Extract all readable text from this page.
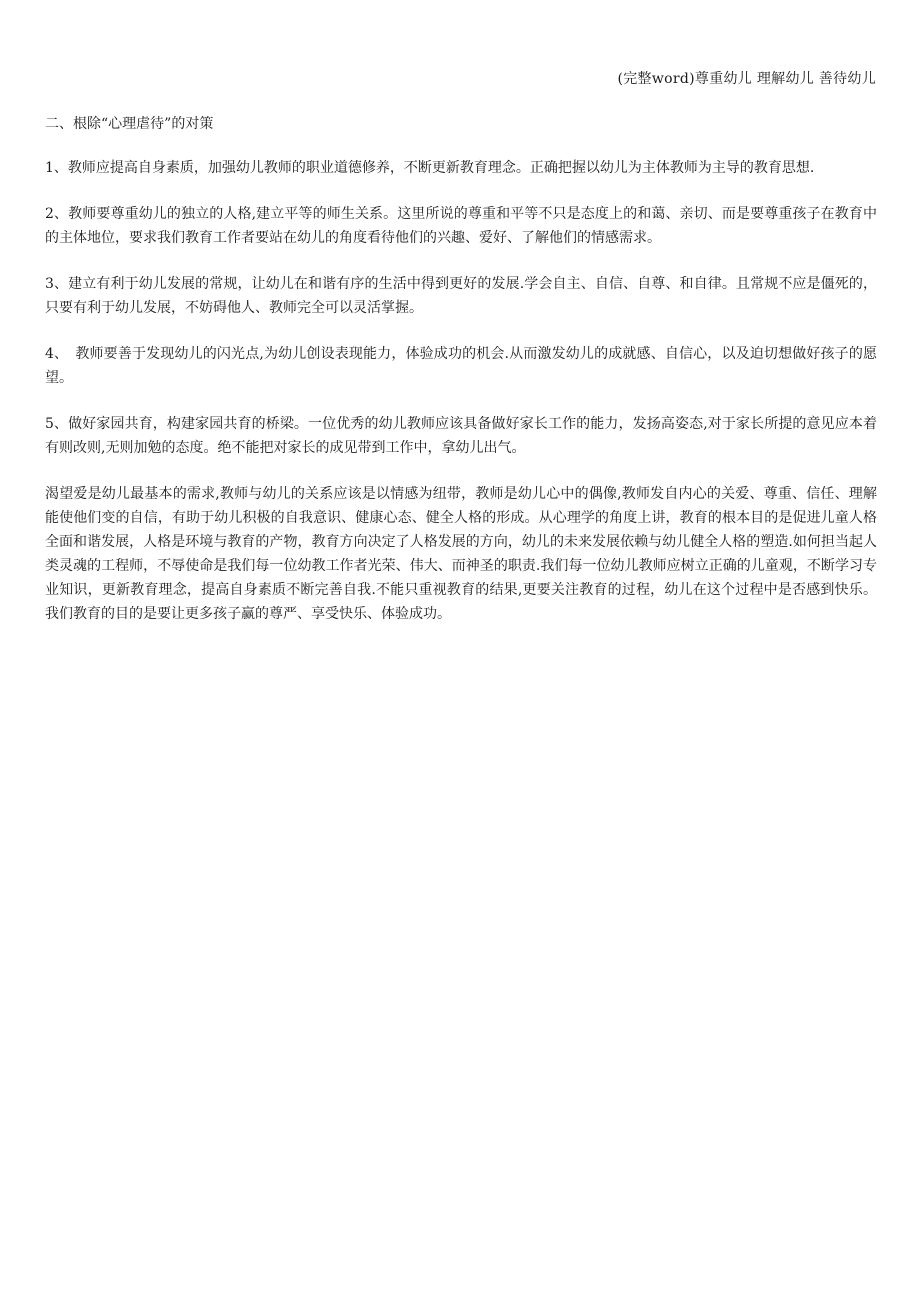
(完整word)尊重幼儿 理解幼儿 善待幼儿

二、根除“心理虐待”的对策

1、教师应提高自身素质，加强幼儿教师的职业道德修养，不断更新教育理念。正确把握以幼儿为主体教师为主导的教育思想.

2、教师要尊重幼儿的独立的人格,建立平等的师生关系。这里所说的尊重和平等不只是态度上的和蔼、亲切、而是要尊重孩子在教育中的主体地位，要求我们教育工作者要站在幼儿的角度看待他们的兴趣、爱好、了解他们的情感需求。

3、建立有利于幼儿发展的常规，让幼儿在和谐有序的生活中得到更好的发展.学会自主、自信、自尊、和自律。且常规不应是僵死的，只要有利于幼儿发展，不妨碍他人、教师完全可以灵活掌握。

4、　教师要善于发现幼儿的闪光点,为幼儿创设表现能力，体验成功的机会.从而激发幼儿的成就感、自信心，以及迫切想做好孩子的愿望。

5、做好家园共育，构建家园共育的桥梁。一位优秀的幼儿教师应该具备做好家长工作的能力，发扬高姿态,对于家长所提的意见应本着有则改则,无则加勉的态度。绝不能把对家长的成见带到工作中，拿幼儿出气。

渴望爱是幼儿最基本的需求,教师与幼儿的关系应该是以情感为纽带，教师是幼儿心中的偶像,教师发自内心的关爱、尊重、信任、理解能使他们变的自信，有助于幼儿积极的自我意识、健康心态、健全人格的形成。从心理学的角度上讲，教育的根本目的是促进儿童人格全面和谐发展，人格是环境与教育的产物，教育方向决定了人格发展的方向，幼儿的未来发展依赖与幼儿健全人格的塑造.如何担当起人类灵魂的工程师，不辱使命是我们每一位幼教工作者光荣、伟大、而神圣的职责.我们每一位幼儿教师应树立正确的儿童观，不断学习专业知识，更新教育理念，提高自身素质不断完善自我.不能只重视教育的结果,更要关注教育的过程，幼儿在这个过程中是否感到快乐。我们教育的目的是要让更多孩子赢的尊严、享受快乐、体验成功。
